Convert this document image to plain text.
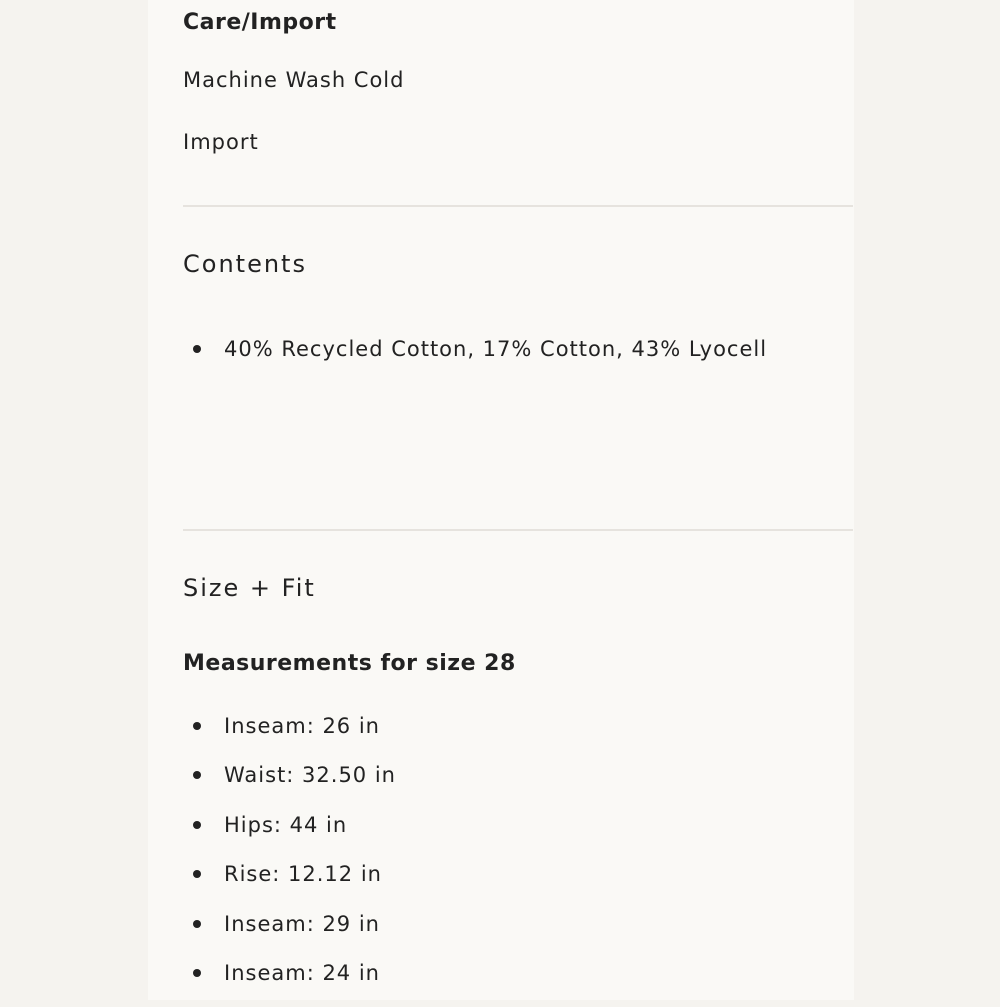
Care/Import
Machine Wash Cold
Import
Contents
40% Recycled Cotton, 17% Cotton, 43% Lyocell
Size + Fit
Measurements for size 28
Inseam: 26 in
Waist: 32.50 in
Hips: 44 in
Rise: 12.12 in
Inseam: 29 in
Inseam: 24 in
